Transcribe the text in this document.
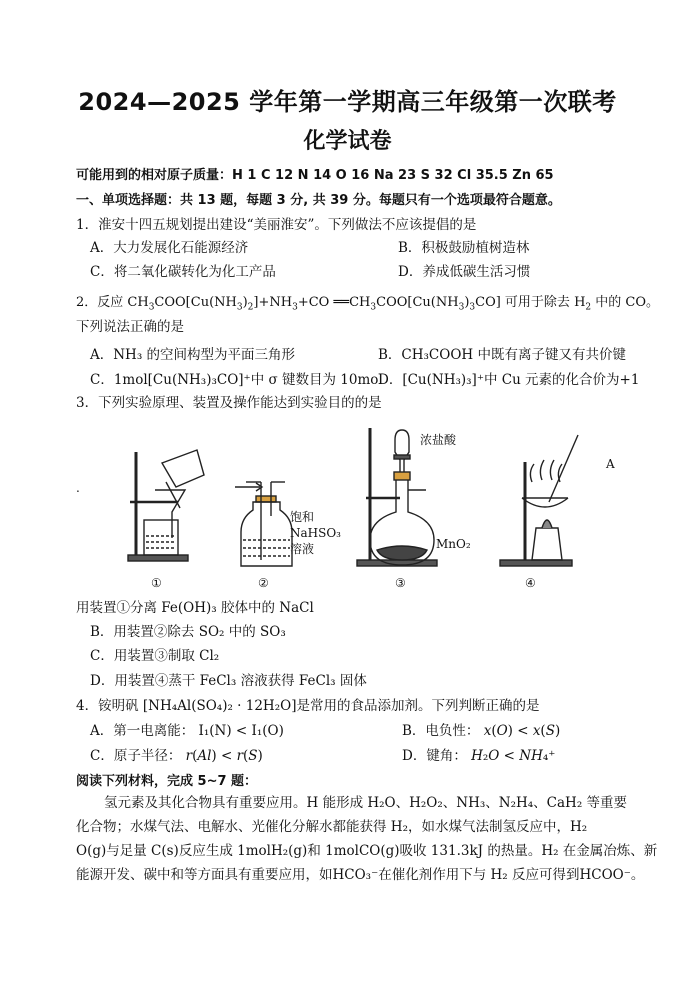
2024—2025 学年第一学期高三年级第一次联考
化学试卷
可能用到的相对原子质量：H 1 C 12 N 14 O 16 Na 23 S 32 Cl 35.5 Zn 65
一、单项选择题：共 13 题，每题 3 分, 共 39 分。每题只有一个选项最符合题意。
1．淮安十四五规划提出建设“美丽淮安”。下列做法不应该提倡的是
A．大力发展化石能源经济	B．积极鼓励植树造林
C．将二氧化碳转化为化工产品	D．养成低碳生活习惯
2．反应 $CH_3COO[Cu(NH_3)_2]+NH_3+CO$ $══CH_3COO[Cu(NH_3)_3CO]$ 可用于除去 $H_2$ 中的 CO。
下列说法正确的是
A．NH₃ 的空间构型为平面三角形	B．CH₃COOH 中既有离子键又有共价键
C．1mol[Cu(NH₃)₃CO]⁺中 σ 键数目为 10mol
D．[Cu(NH₃)₃]⁺中 Cu 元素的化合价为+1
3．下列实验原理、装置及操作能达到实验目的的是
浓盐酸
饱和
NaHSO₃
溶液	MnO₂
A
.
①	②	③	④
用装置①分离 Fe(OH)₃ 胶体中的 NaCl
B．用装置②除去 SO₂ 中的 SO₃
C．用装置③制取 Cl₂
D．用装置④蒸干 FeCl₃ 溶液获得 FeCl₃ 固体
4．铵明矾 [NH₄Al(SO₄)₂ · 12H₂O]是常用的食品添加剂。下列判断正确的是
A．第一电离能： I₁(N) < I₁(O)	B．电负性： 𝑥(𝑂) < 𝑥(𝑆)
C．原子半径： 𝑟(𝐴𝑙) < 𝑟(𝑆)	D．键角： 𝐻₂𝑂 < 𝑁𝐻₄⁺
阅读下列材料，完成 5~7 题：
氢元素及其化合物具有重要应用。H 能形成 H₂O、H₂O₂、NH₃、N₂H₄、CaH₂ 等重要
化合物；水煤气法、电解水、光催化分解水都能获得 H₂，如水煤气法制氢反应中，H₂
O(g)与足量 C(s)反应生成 1molH₂(g)和 1molCO(g)吸收 131.3kJ 的热量。H₂ 在金属冶炼、新
能源开发、碳中和等方面具有重要应用，如HCO₃⁻在催化剂作用下与 H₂ 反应可得到HCOO⁻。
